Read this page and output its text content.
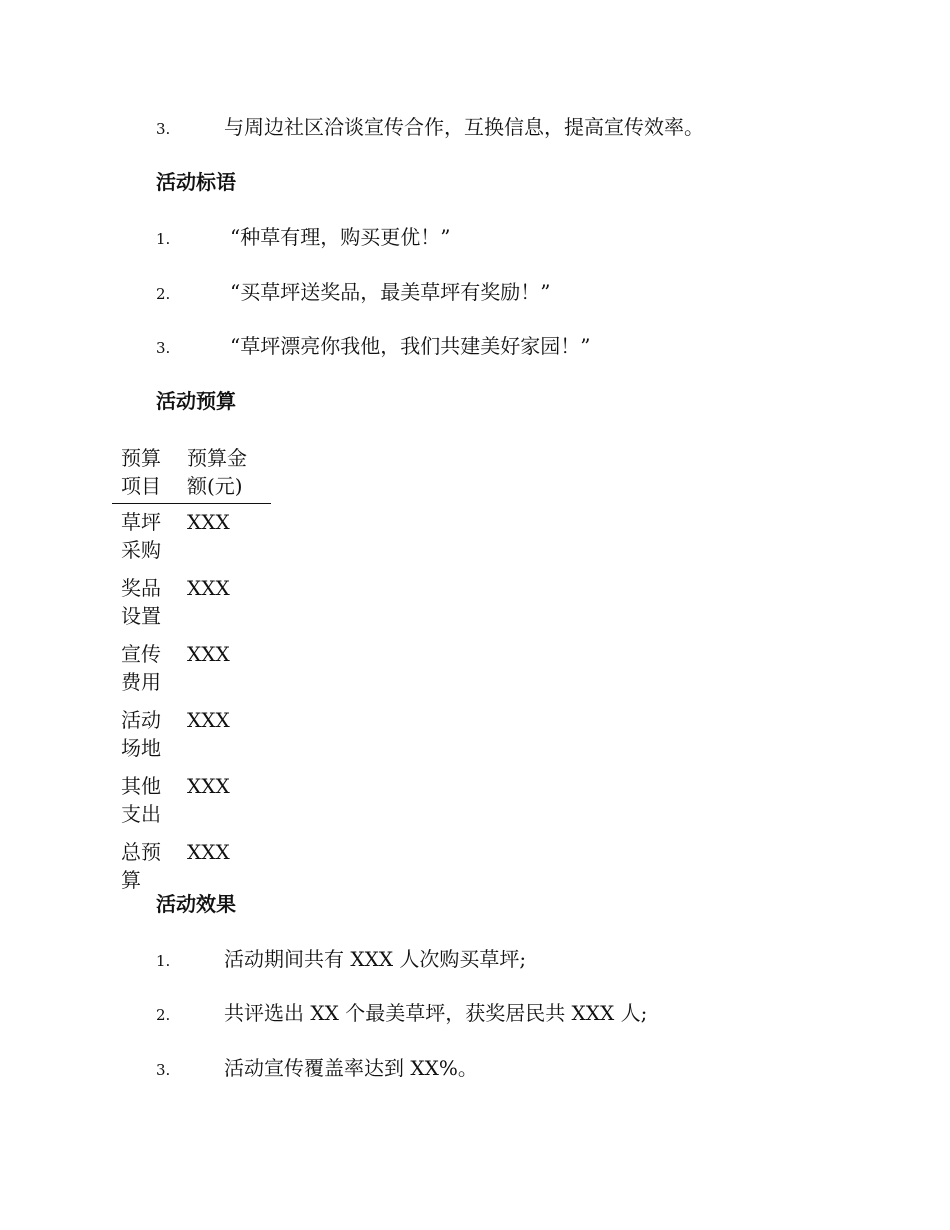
3.	与周边社区洽谈宣传合作，互换信息，提高宣传效率。
活动标语
1.	“种草有理，购买更优！”
2.	“买草坪送奖品，最美草坪有奖励！”
3.	“草坪漂亮你我他，我们共建美好家园！”
活动预算
预算项目	预算金额(元)

草坪采购	XXX

奖品设置	XXX

宣传费用	XXX

活动场地	XXX

其他支出	XXX

总预算	XXX
活动效果
1.	活动期间共有 XXX 人次购买草坪;
2.	共评选出 XX 个最美草坪，获奖居民共 XXX 人;
3.	活动宣传覆盖率达到 XX%。
